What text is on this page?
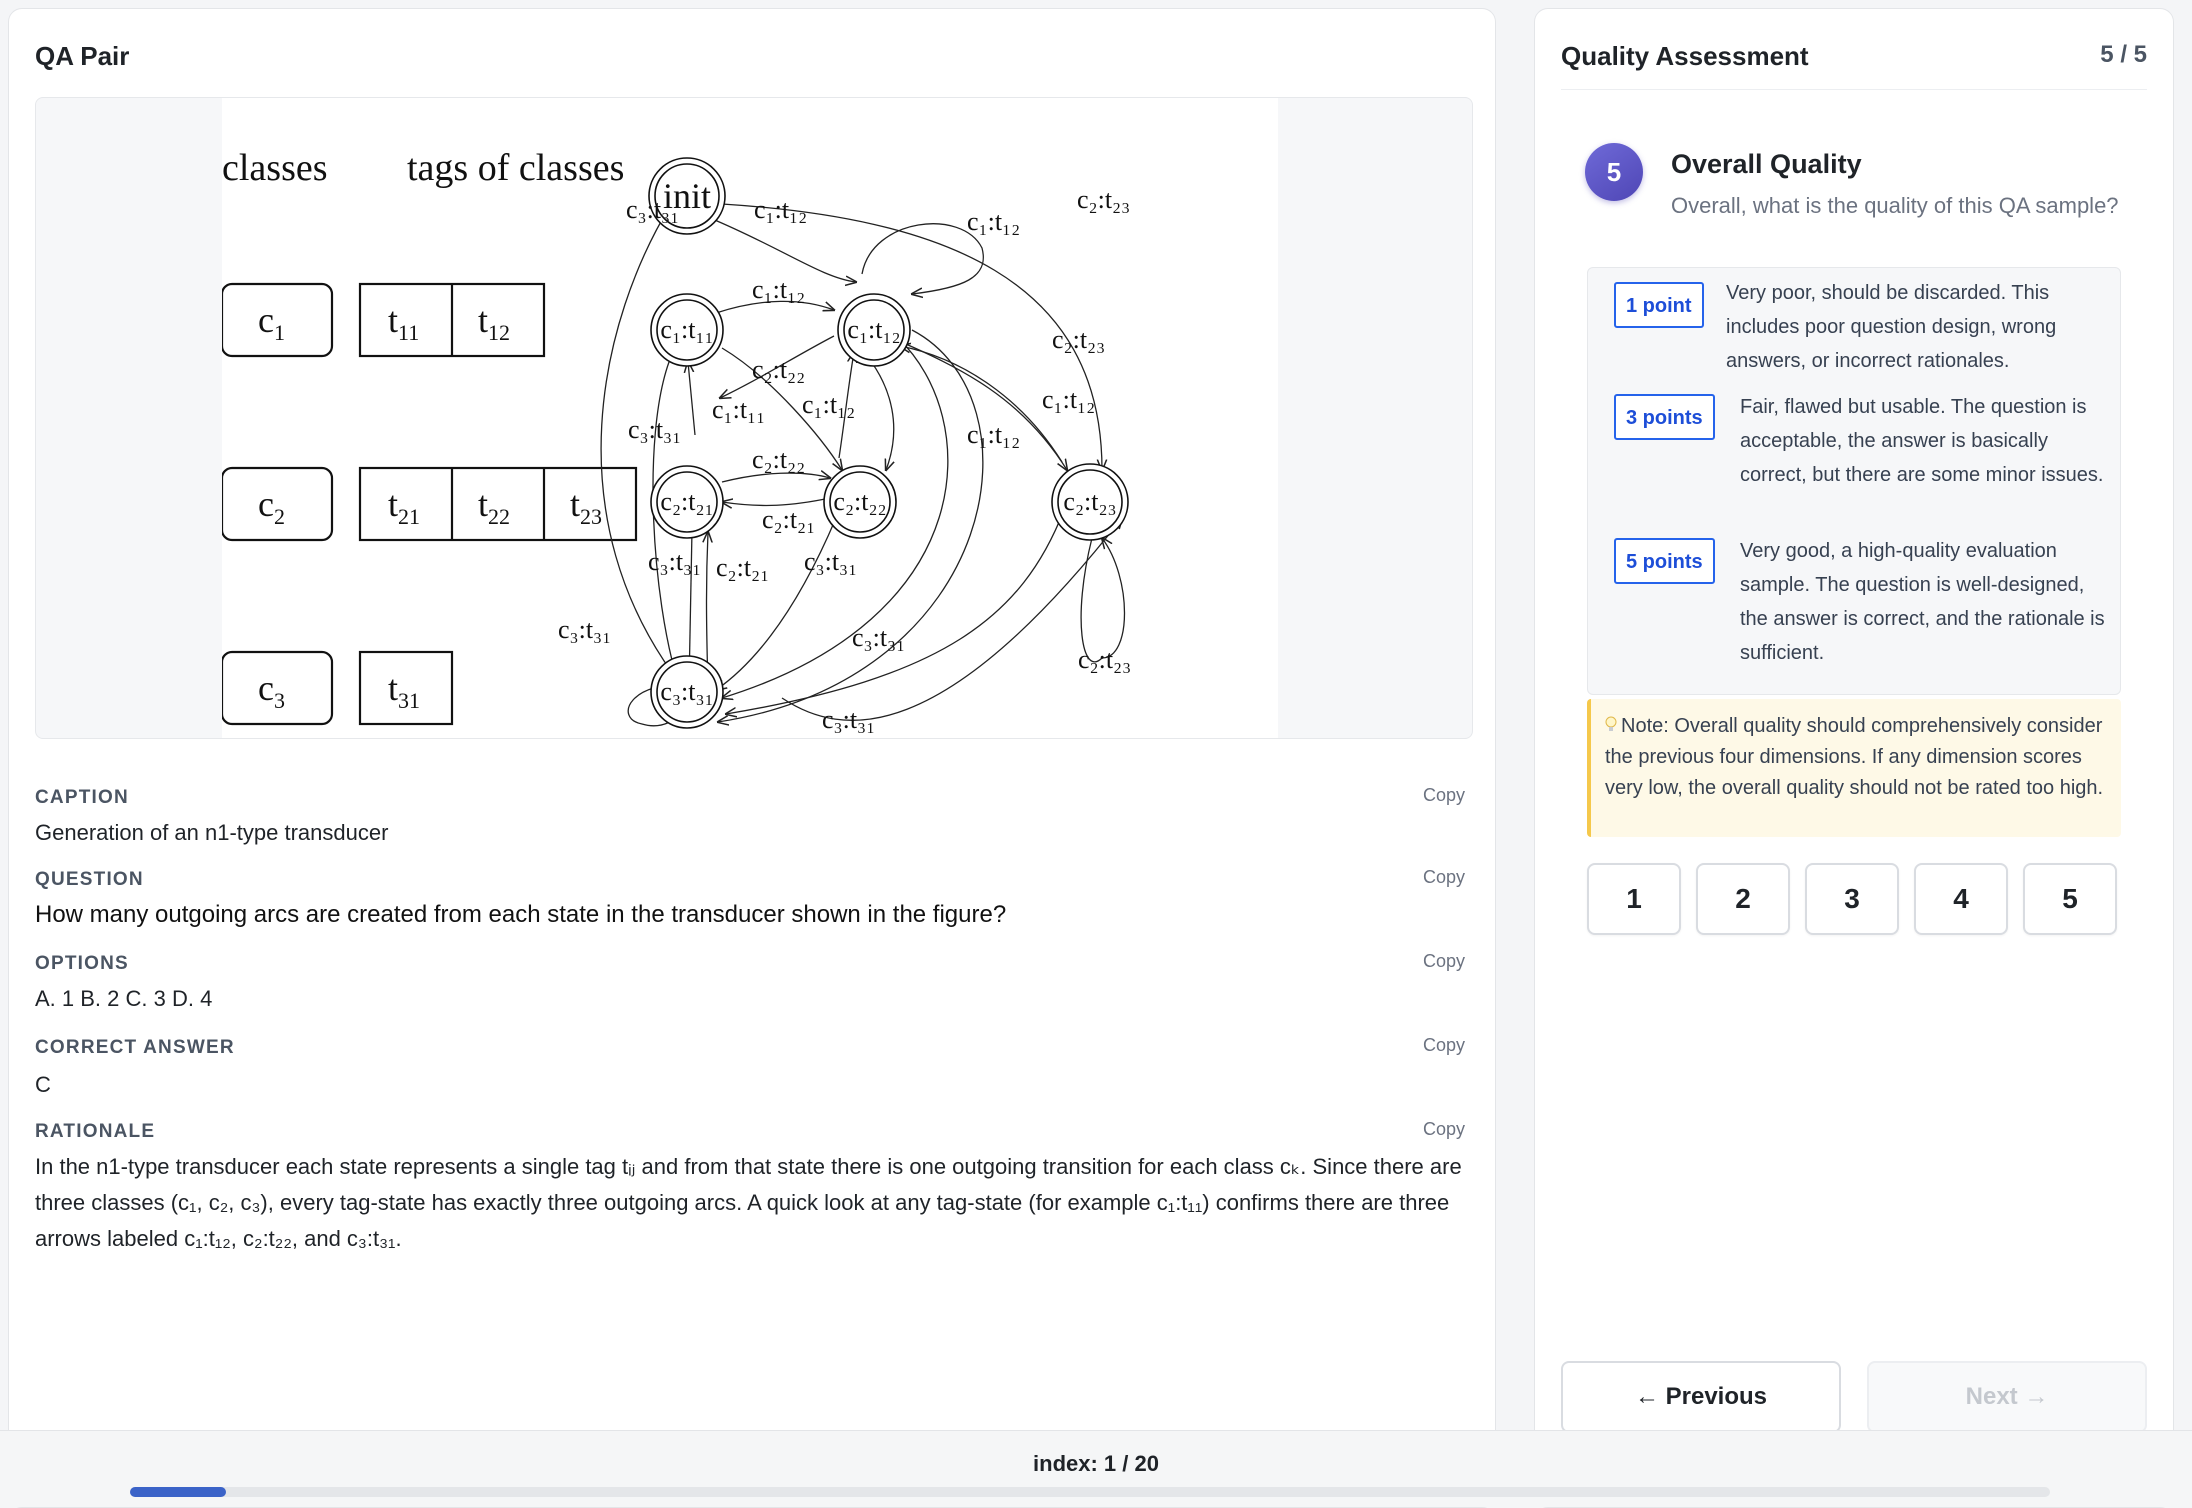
QA Pair
classes tags of classes
$c_1$	$t_{11}$ $t_{12}$
$c_2$	$t_{21}$ $t_{22}$ $t_{23}$
$c_3$	$t_{31}$
init
c₁:t₁₁	c₁:t₁₂
c₂:t₂₁	c₂:t₂₂	c₂:t₂₃
c₃:t₃₁
c₁:t₁₂	c₁:t₁₂
c₂:t₂₃
c₁:t₁₂
c₂:t₂₃
c₂:t₂₂
c₁:t₁₁ c₁:t₁₂	c₁:t₁₂
c₃:t₃₁	c₁:t₁₂
c₂:t₂₂
c₂:t₂₁
c₃:t₃₁ c₂:t₂₁ c₃:t₃₁
c₃:t₃₁
c₃:t₃₁
c₃:t₃₁
c₃:t₃₁
c₂:t₂₃
CAPTION	Copy
Generation of an n1-type transducer
QUESTION	Copy
How many outgoing arcs are created from each state in the transducer shown in the figure?
OPTIONS	Copy
A. 1 B. 2 C. 3 D. 4
CORRECT ANSWER	Copy
C
RATIONALE	Copy
In the n1-type transducer each state represents a single tag tᵢⱼ and from that state there is one outgoing transition for each class cₖ. Since there are three classes (c₁, c₂, c₃), every tag-state has exactly three outgoing arcs. A quick look at any tag-state (for example c₁:t₁₁) confirms there are three arrows labeled c₁:t₁₂, c₂:t₂₂, and c₃:t₃₁.
Quality Assessment	5 / 5
5	Overall Quality
Overall, what is the quality of this QA sample?
1 point
Very poor, should be discarded. This includes poor question design, wrong answers, or incorrect rationales.
3 points	Fair, flawed but usable. The question is acceptable, the answer is basically correct, but there are some minor issues.
5 points	Very good, a high-quality evaluation sample. The question is well-designed, the answer is correct, and the rationale is sufficient.
Note: Overall quality should comprehensively consider the previous four dimensions. If any dimension scores very low, the overall quality should not be rated too high.
1	2	3	4	5
← Previous	Next →
index: 1 / 20
